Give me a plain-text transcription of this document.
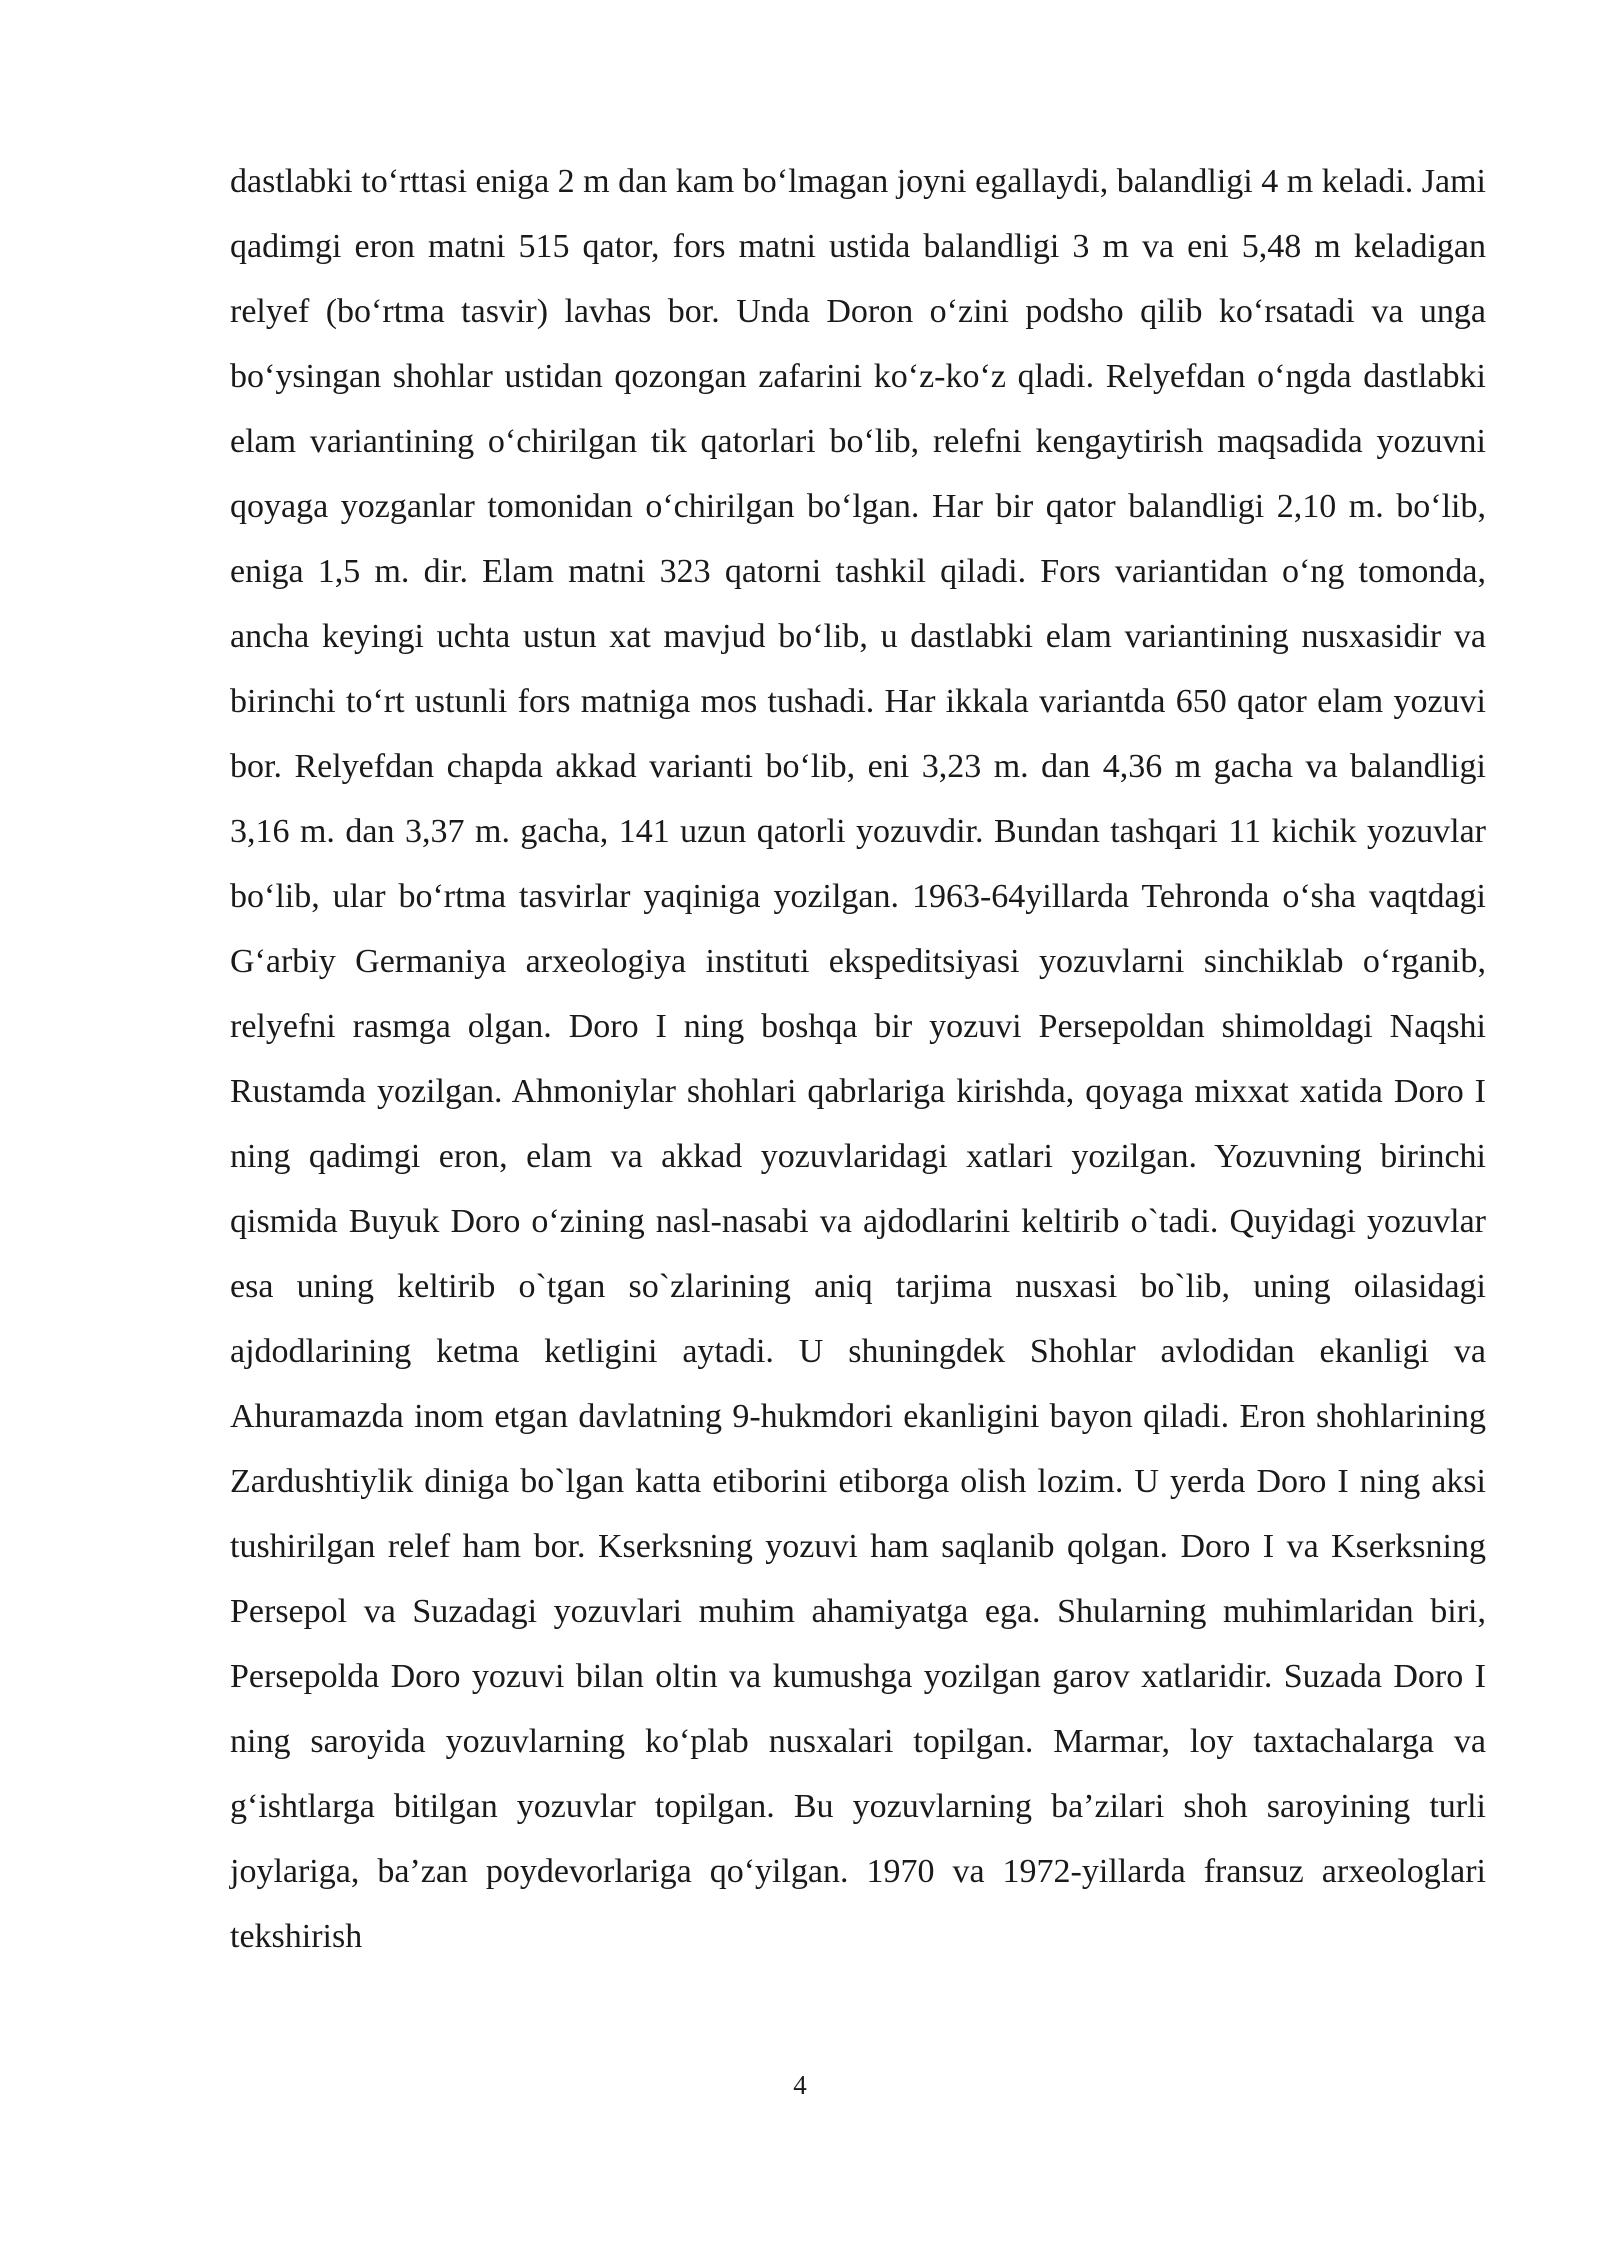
dastlabki to‘rttasi eniga 2 m dan kam bo‘lmagan joyni egallaydi, balandligi 4 m keladi. Jami qadimgi eron matni 515 qator, fors matni ustida balandligi 3 m va eni 5,48 m keladigan relyef (bo‘rtma tasvir) lavhas bor. Unda Doron o‘zini podsho qilib ko‘rsatadi va unga bo‘ysingan shohlar ustidan qozongan zafarini ko‘z-ko‘z qladi. Relyefdan o‘ngda dastlabki elam variantining o‘chirilgan tik qatorlari bo‘lib, relefni kengaytirish maqsadida yozuvni qoyaga yozganlar tomonidan o‘chirilgan bo‘lgan. Har bir qator balandligi 2,10 m. bo‘lib, eniga 1,5 m. dir. Elam matni 323 qatorni tashkil qiladi. Fors variantidan o‘ng tomonda, ancha keyingi uchta ustun xat mavjud bo‘lib, u dastlabki elam variantining nusxasidir va birinchi to‘rt ustunli fors matniga mos tushadi. Har ikkala variantda 650 qator elam yozuvi bor. Relyefdan chapda akkad varianti bo‘lib, eni 3,23 m. dan 4,36 m gacha va balandligi 3,16 m. dan 3,37 m. gacha, 141 uzun qatorli yozuvdir. Bundan tashqari 11 kichik yozuvlar bo‘lib, ular bo‘rtma tasvirlar yaqiniga yozilgan. 1963-64yillarda Tehronda o‘sha vaqtdagi G‘arbiy Germaniya arxeologiya instituti ekspeditsiyasi yozuvlarni sinchiklab o‘rganib, relyefni rasmga olgan. Doro I ning boshqa bir yozuvi Persepoldan shimoldagi Naqshi Rustamda yozilgan. Ahmoniylar shohlari qabrlariga kirishda, qoyaga mixxat xatida Doro I ning qadimgi eron, elam va akkad yozuvlaridagi xatlari yozilgan. Yozuvning birinchi qismida Buyuk Doro o‘zining nasl-nasabi va ajdodlarini keltirib o`tadi. Quyidagi yozuvlar esa uning keltirib o`tgan so`zlarining aniq tarjima nusxasi bo`lib, uning oilasidagi ajdodlarining ketma ketligini aytadi. U shuningdek Shohlar avlodidan ekanligi va Ahuramazda inom etgan davlatning 9-hukmdori ekanligini bayon qiladi. Eron shohlarining Zardushtiylik diniga bo`lgan katta etiborini etiborga olish lozim. U yerda Doro I ning aksi tushirilgan relef ham bor. Kserksning yozuvi ham saqlanib qolgan. Doro I va Kserksning Persepol va Suzadagi yozuvlari muhim ahamiyatga ega. Shularning muhimlaridan biri, Persepolda Doro yozuvi bilan oltin va kumushga yozilgan garov xatlaridir. Suzada Doro I ning saroyida yozuvlarning ko‘plab nusxalari topilgan. Marmar, loy taxtachalarga va g‘ishtlarga bitilgan yozuvlar topilgan. Bu yozuvlarning ba’zilari shoh saroyining turli joylariga, ba’zan poydevorlariga qo‘yilgan. 1970 va 1972-yillarda fransuz arxeologlari tekshirish

4
